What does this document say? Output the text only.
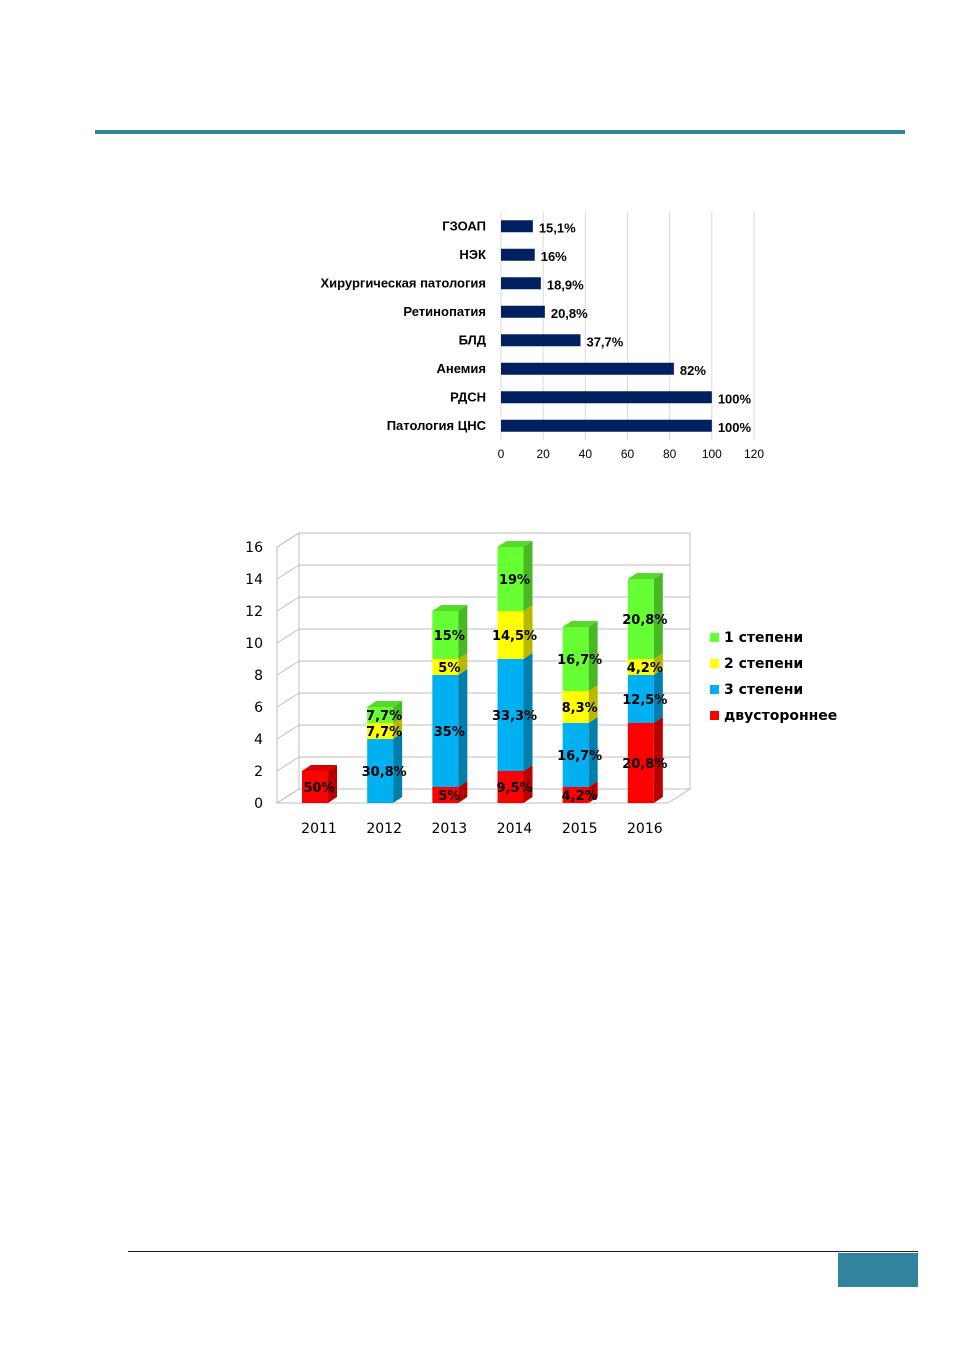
0	20 40 60 80 100 120
ГЗОАП	15,1%
НЭК	16%
Хирургическая патология	18,9%
Ретинопатия	20,8%
БЛД	37,7%
Анемия	82%
РДСН	100%
Патология ЦНС	100%
0
2
4
6
8
10
12
14
16
50%
2011
30,8%
7,7%
7,7%
2012
5%
35%
5%
15%
2013
9,5%
33,3%
14,5%
19%
2014
4,2%
16,7%
8,3%
16,7%
2015
20,8%
12,5%
4,2%
20,8%
2016
1 степени
2 степени
3 степени
двустороннее
